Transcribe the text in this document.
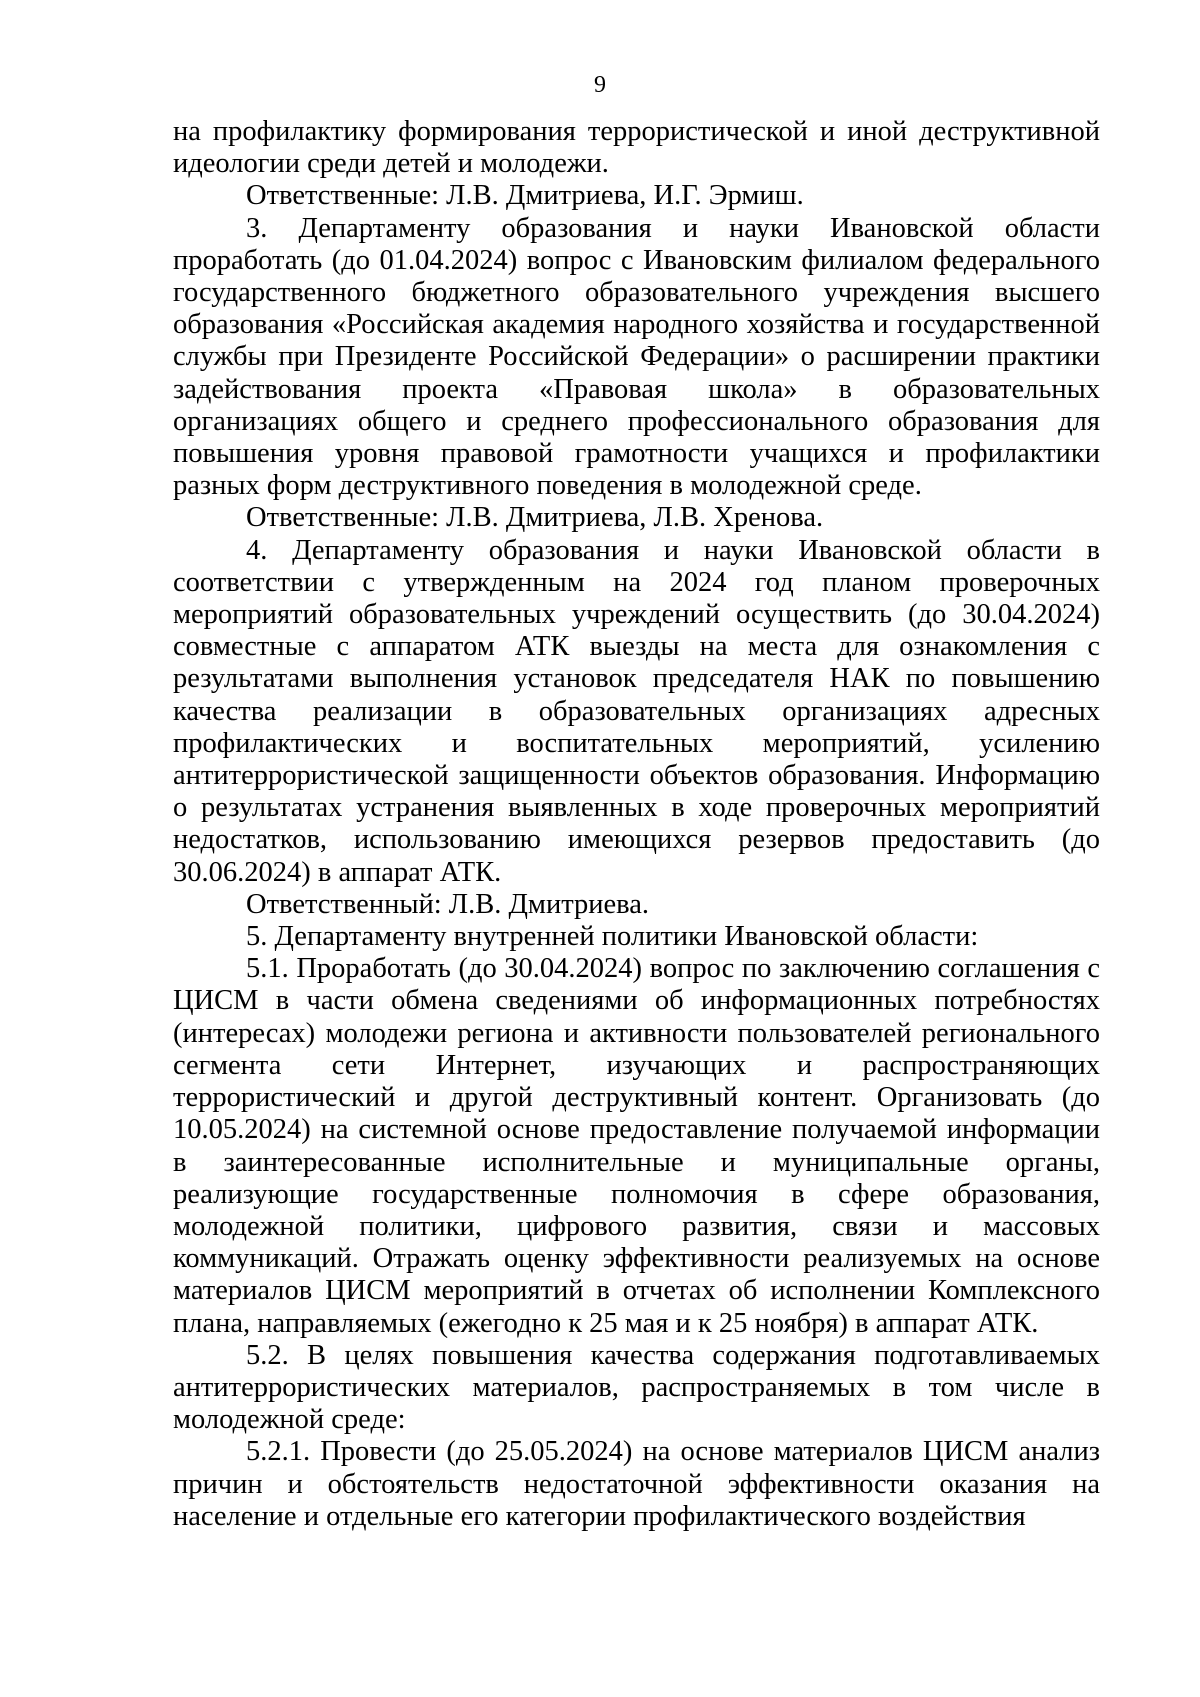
9

на профилактику формирования террористической и иной деструктивной идеологии среди детей и молодежи.

Ответственные: Л.В. Дмитриева, И.Г. Эрмиш.

3. Департаменту образования и науки Ивановской области проработать (до 01.04.2024) вопрос с Ивановским филиалом федерального государственного бюджетного образовательного учреждения высшего образования «Российская академия народного хозяйства и государственной службы при Президенте Российской Федерации» о расширении практики задействования проекта «Правовая школа» в образовательных организациях общего и среднего профессионального образования для повышения уровня правовой грамотности учащихся и профилактики разных форм деструктивного поведения в молодежной среде.

Ответственные: Л.В. Дмитриева, Л.В. Хренова.

4. Департаменту образования и науки Ивановской области в соответствии с утвержденным на 2024 год планом проверочных мероприятий образовательных учреждений осуществить (до 30.04.2024) совместные с аппаратом АТК выезды на места для ознакомления с результатами выполнения установок председателя НАК по повышению качества реализации в образовательных организациях адресных профилактических и воспитательных мероприятий, усилению антитеррористической защищенности объектов образования. Информацию о результатах устранения выявленных в ходе проверочных мероприятий недостатков, использованию имеющихся резервов предоставить (до 30.06.2024) в аппарат АТК.

Ответственный: Л.В. Дмитриева.

5. Департаменту внутренней политики Ивановской области:

5.1. Проработать (до 30.04.2024) вопрос по заключению соглашения с ЦИСМ в части обмена сведениями об информационных потребностях (интересах) молодежи региона и активности пользователей регионального сегмента сети Интернет, изучающих и распространяющих террористический и другой деструктивный контент. Организовать (до 10.05.2024) на системной основе предоставление получаемой информации в заинтересованные исполнительные и муниципальные органы, реализующие государственные полномочия в сфере образования, молодежной политики, цифрового развития, связи и массовых коммуникаций. Отражать оценку эффективности реализуемых на основе материалов ЦИСМ мероприятий в отчетах об исполнении Комплексного плана, направляемых (ежегодно к 25 мая и к 25 ноября) в аппарат АТК.

5.2. В целях повышения качества содержания подготавливаемых антитеррористических материалов, распространяемых в том числе в молодежной среде:

5.2.1. Провести (до 25.05.2024) на основе материалов ЦИСМ анализ причин и обстоятельств недостаточной эффективности оказания на население и отдельные его категории профилактического воздействия
